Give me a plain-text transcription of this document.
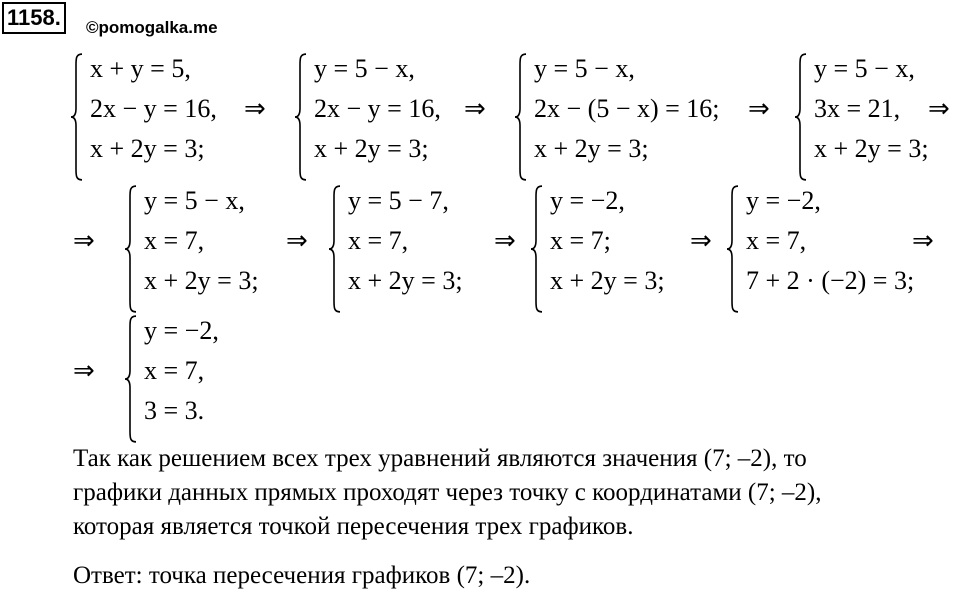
1158. ©pomogalka.me
x + y = 5,
2x − y = 16,
x + 2y = 3;
⇒
y = 5 − x,
2x − y = 16,
x + 2y = 3;
⇒
y = 5 − x,
2x − (5 − x) = 16;
x + 2y = 3;
⇒
y = 5 − x,
3x = 21,
x + 2y = 3;
⇒
⇒
y = 5 − x,
x = 7,
x + 2y = 3;
⇒
y = 5 − 7,
x = 7,
x + 2y = 3;
⇒
y = −2,
x = 7;
x + 2y = 3;
⇒
y = −2,
x = 7,
7 + 2 · (−2) = 3;
⇒
⇒
y = −2,
x = 7,
3 = 3.
Так как решением всех трех уравнений являются значения (7; –2), то
графики данных прямых проходят через точку с координатами (7; –2),
которая является точкой пересечения трех графиков.
Ответ: точка пересечения графиков (7; –2).
